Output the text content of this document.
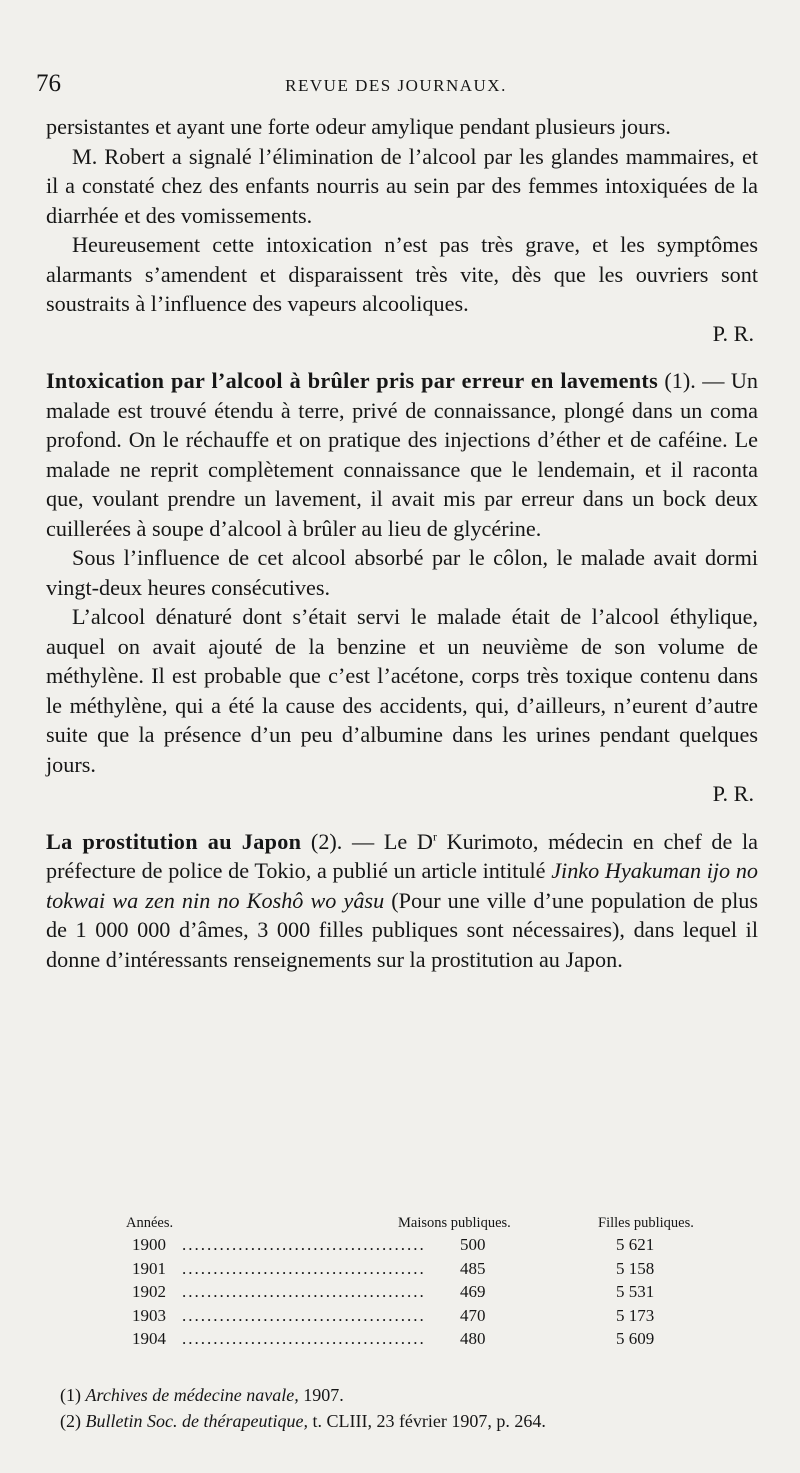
76	REVUE DES JOURNAUX.

persistantes et ayant une forte odeur amylique pendant plusieurs jours.

M. Robert a signalé l’élimination de l’alcool par les glandes mammaires, et il a constaté chez des enfants nourris au sein par des femmes intoxiquées de la diarrhée et des vomissements.

Heureusement cette intoxication n’est pas très grave, et les symptômes alarmants s’amendent et disparaissent très vite, dès que les ouvriers sont soustraits à l’influence des vapeurs alcooliques.

P. R.

Intoxication par l’alcool à brûler pris par erreur en lavements (1). — Un malade est trouvé étendu à terre, privé de connaissance, plongé dans un coma profond. On le réchauffe et on pratique des injections d’éther et de caféine. Le malade ne reprit complètement connaissance que le lendemain, et il raconta que, voulant prendre un lavement, il avait mis par erreur dans un bock deux cuillerées à soupe d’alcool à brûler au lieu de glycérine.

Sous l’influence de cet alcool absorbé par le côlon, le malade avait dormi vingt-deux heures consécutives.

L’alcool dénaturé dont s’était servi le malade était de l’alcool éthylique, auquel on avait ajouté de la benzine et un neuvième de son volume de méthylène. Il est probable que c’est l’acétone, corps très toxique contenu dans le méthylène, qui a été la cause des accidents, qui, d’ailleurs, n’eurent d’autre suite que la présence d’un peu d’albumine dans les urines pendant quelques jours.

P. R.

La prostitution au Japon (2). — Le $D^r$ Kurimoto, médecin en chef de la préfecture de police de Tokio, a publié un article intitulé Jinko Hyakuman ijo no tokwai wa zen nin no Koshô wo yâsu (Pour une ville d’une population de plus de 1 000 000 d’âmes, 3 000 filles publiques sont nécessaires), dans lequel il donne d’intéressants renseignements sur la prostitution au Japon.

Années.	Maisons publiques.	Filles publiques.
1900 ....................................... 500	5 621
1901 ....................................... 485	5 158
1902 ....................................... 469	5 531
1903 ....................................... 470	5 173
1904 ....................................... 480	5 609
(1) Archives de médecine navale, 1907.
(2) Bulletin Soc. de thérapeutique, t. CLIII, 23 février 1907, p. 264.
